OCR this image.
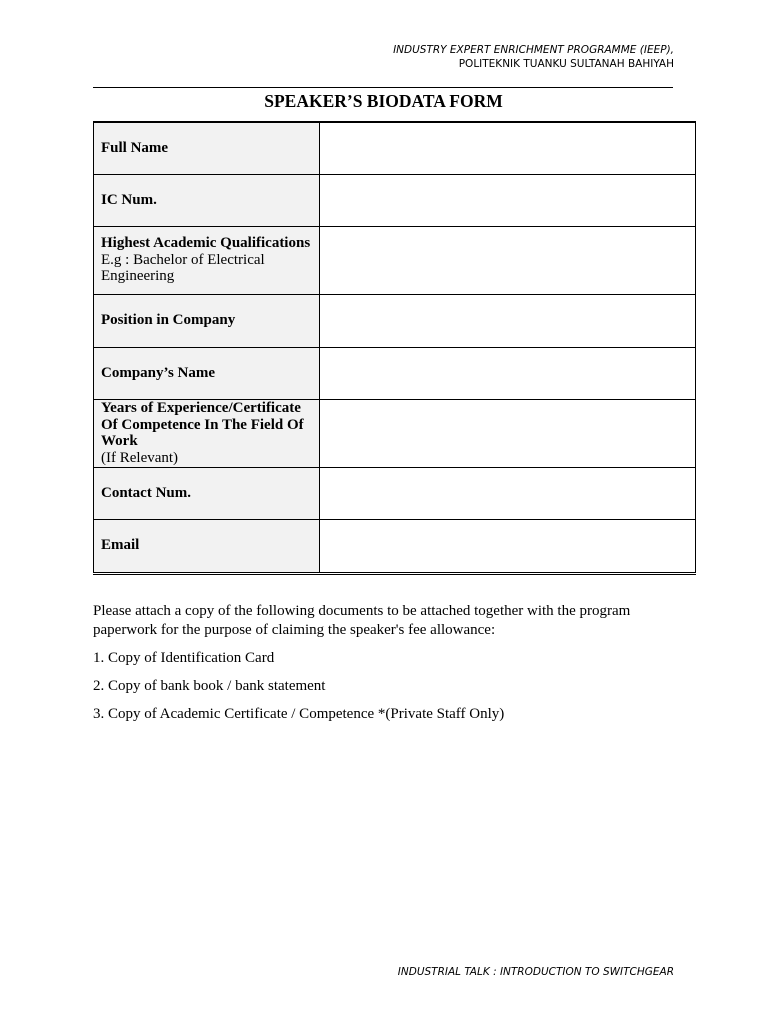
INDUSTRY EXPERT ENRICHMENT PROGRAMME (IEEP),
POLITEKNIK TUANKU SULTANAH BAHIYAH
SPEAKER’S BIODATA FORM
Full Name	

IC Num.	

Highest Academic Qualifications
E.g : Bachelor of Electrical Engineering	

Position in Company	

Company’s Name	

Years of Experience/Certificate Of Competence In The Field Of Work
(If Relevant)	

Contact Num.	

Email	

Please attach a copy of the following documents to be attached together with the program paperwork for the purpose of claiming the speaker's fee allowance:

1. Copy of Identification Card

2. Copy of bank book / bank statement

3. Copy of Academic Certificate / Competence *(Private Staff Only)

INDUSTRIAL TALK : INTRODUCTION TO SWITCHGEAR
